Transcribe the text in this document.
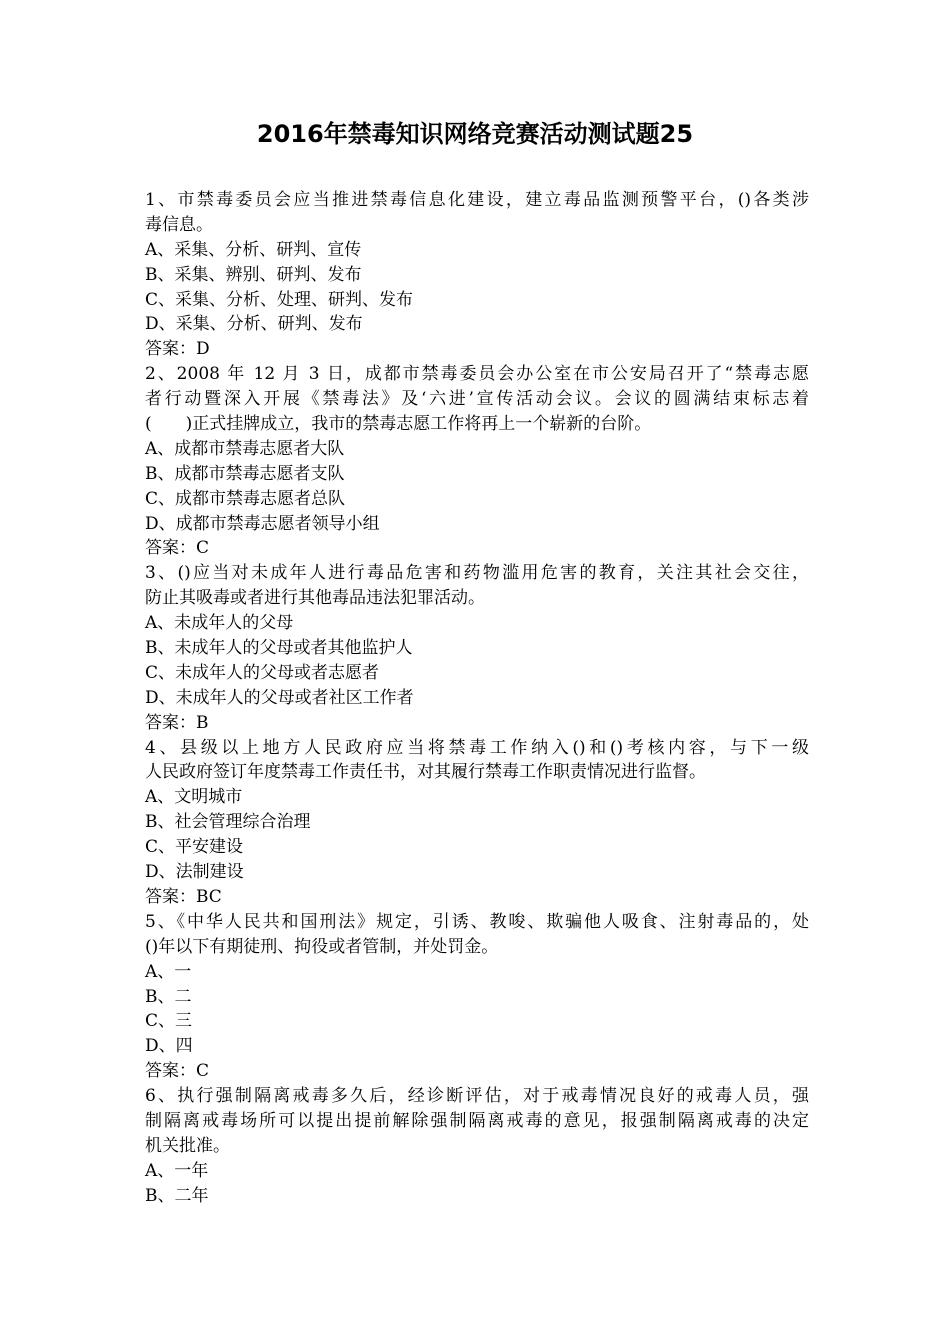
2016年禁毒知识网络竞赛活动测试题25
1、市禁毒委员会应当推进禁毒信息化建设，建立毒品监测预警平台，()各类涉
毒信息。
A、采集、分析、研判、宣传
B、采集、辨别、研判、发布
C、采集、分析、处理、研判、发布
D、采集、分析、研判、发布
答案：D
2、2008 年 12 月 3 日，成都市禁毒委员会办公室在市公安局召开了“禁毒志愿
者行动暨深入开展《禁毒法》及‘六进’宣传活动会议。会议的圆满结束标志着
(　　)正式挂牌成立，我市的禁毒志愿工作将再上一个崭新的台阶。
A、成都市禁毒志愿者大队
B、成都市禁毒志愿者支队
C、成都市禁毒志愿者总队
D、成都市禁毒志愿者领导小组
答案：C
3、()应当对未成年人进行毒品危害和药物滥用危害的教育，关注其社会交往，
防止其吸毒或者进行其他毒品违法犯罪活动。
A、未成年人的父母
B、未成年人的父母或者其他监护人
C、未成年人的父母或者志愿者
D、未成年人的父母或者社区工作者
答案：B
4、县级以上地方人民政府应当将禁毒工作纳入()和()考核内容，与下一级
人民政府签订年度禁毒工作责任书，对其履行禁毒工作职责情况进行监督。
A、文明城市
B、社会管理综合治理
C、平安建设
D、法制建设
答案：BC
5、《中华人民共和国刑法》规定，引诱、教唆、欺骗他人吸食、注射毒品的，处
()年以下有期徒刑、拘役或者管制，并处罚金。
A、一
B、二
C、三
D、四
答案：C
6、执行强制隔离戒毒多久后，经诊断评估，对于戒毒情况良好的戒毒人员，强
制隔离戒毒场所可以提出提前解除强制隔离戒毒的意见，报强制隔离戒毒的决定
机关批准。
A、一年
B、二年
